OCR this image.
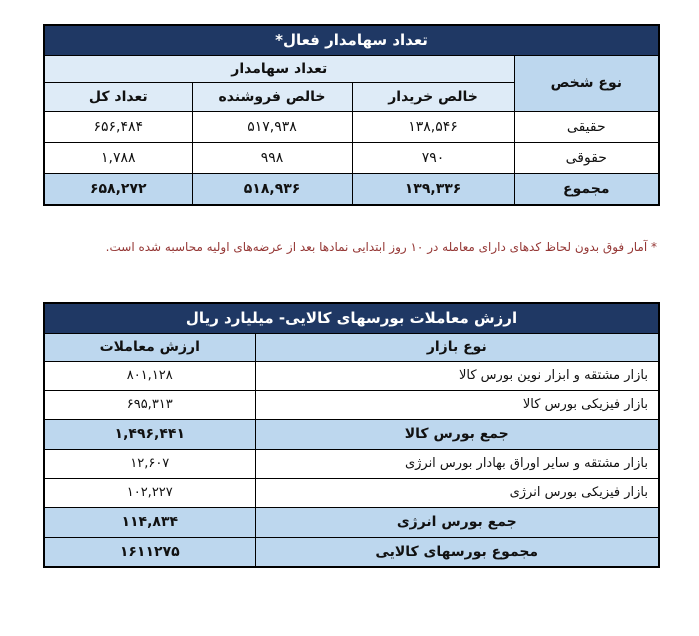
تعداد سهامدار فعال*			
نوع شخص	تعداد سهامدار		
	خالص خریدار	خالص فروشنده	تعداد کل
حقیقی	۱۳۸,۵۴۶	۵۱۷,۹۳۸	۶۵۶,۴۸۴
حقوقی	۷۹۰	۹۹۸	۱,۷۸۸
مجموع	۱۳۹,۳۳۶	۵۱۸,۹۳۶	۶۵۸,۲۷۲

* آمار فوق بدون لحاظ کدهای دارای معامله در ۱۰ روز ابتدایی نمادها بعد از عرضه‌های اولیه محاسبه شده است.

ارزش معاملات بورسهای کالایی- میلیارد ریال	
نوع بازار	ارزش معاملات
بازار مشتقه و ابزار نوین بورس کالا	۸۰۱,۱۲۸
بازار فیزیکی بورس کالا	۶۹۵,۳۱۳
جمع بورس کالا	۱,۴۹۶,۴۴۱
بازار مشتقه و سایر اوراق بهادار بورس انرژی	۱۲,۶۰۷
بازار فیزیکی بورس انرژی	۱۰۲,۲۲۷
جمع بورس انرژی	۱۱۴,۸۳۴
مجموع بورسهای کالایی	۱۶۱۱۲۷۵
